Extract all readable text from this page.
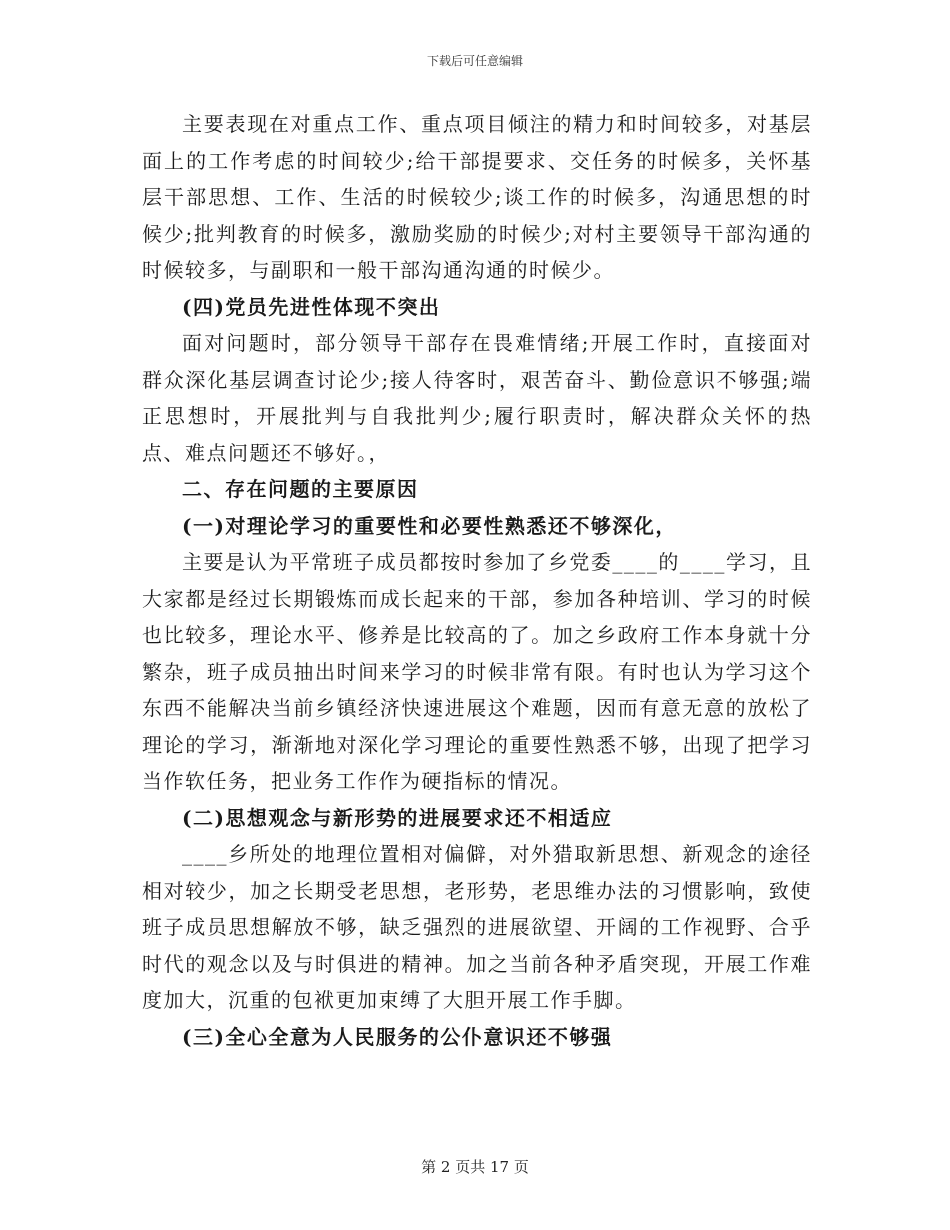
下载后可任意编辑

主要表现在对重点工作、重点项目倾注的精力和时间较多，对基层面上的工作考虑的时间较少;给干部提要求、交任务的时候多，关怀基层干部思想、工作、生活的时候较少;谈工作的时候多，沟通思想的时候少;批判教育的时候多，激励奖励的时候少;对村主要领导干部沟通的时候较多，与副职和一般干部沟通沟通的时候少。

(四)党员先进性体现不突出

面对问题时，部分领导干部存在畏难情绪;开展工作时，直接面对群众深化基层调查讨论少;接人待客时，艰苦奋斗、勤俭意识不够强;端正思想时，开展批判与自我批判少;履行职责时，解决群众关怀的热点、难点问题还不够好。，

二、存在问题的主要原因

(一)对理论学习的重要性和必要性熟悉还不够深化，

主要是认为平常班子成员都按时参加了乡党委____的____学习，且大家都是经过长期锻炼而成长起来的干部，参加各种培训、学习的时候也比较多，理论水平、修养是比较高的了。加之乡政府工作本身就十分繁杂，班子成员抽出时间来学习的时候非常有限。有时也认为学习这个东西不能解决当前乡镇经济快速进展这个难题，因而有意无意的放松了理论的学习，渐渐地对深化学习理论的重要性熟悉不够，出现了把学习当作软任务，把业务工作作为硬指标的情况。

(二)思想观念与新形势的进展要求还不相适应

____乡所处的地理位置相对偏僻，对外猎取新思想、新观念的途径相对较少，加之长期受老思想，老形势，老思维办法的习惯影响，致使班子成员思想解放不够，缺乏强烈的进展欲望、开阔的工作视野、合乎时代的观念以及与时俱进的精神。加之当前各种矛盾突现，开展工作难度加大，沉重的包袱更加束缚了大胆开展工作手脚。

(三)全心全意为人民服务的公仆意识还不够强

第 2 页共 17 页
